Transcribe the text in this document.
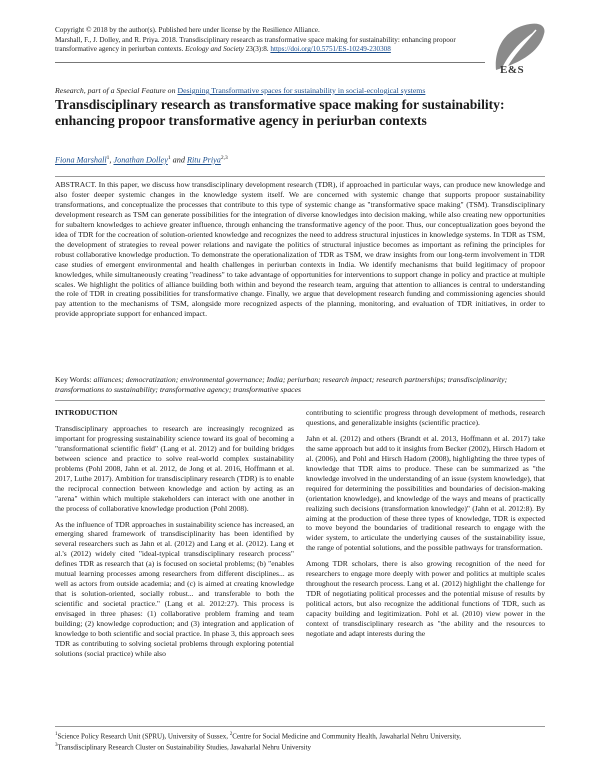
Copyright © 2018 by the author(s). Published here under license by the Resilience Alliance.
Marshall, F., J. Dolley, and R. Priya. 2018. Transdisciplinary research as transformative space making for sustainability: enhancing propoor transformative agency in periurban contexts. Ecology and Society 23(3):8. https://doi.org/10.5751/ES-10249-230308
E&S
Research, part of a Special Feature on Designing Transformative spaces for sustainability in social-ecological systems
Transdisciplinary research as transformative space making for sustainability: enhancing propoor transformative agency in periurban contexts
Fiona Marshall$^1$, Jonathan Dolley$^1$ and Ritu Priya$^{2,3}$

ABSTRACT. In this paper, we discuss how transdisciplinary development research (TDR), if approached in particular ways, can produce new knowledge and also foster deeper systemic changes in the knowledge system itself. We are concerned with systemic change that supports propoor sustainability transformations, and conceptualize the processes that contribute to this type of systemic change as "transformative space making" (TSM). Transdisciplinary development research as TSM can generate possibilities for the integration of diverse knowledges into decision making, while also creating new opportunities for subaltern knowledges to achieve greater influence, through enhancing the transformative agency of the poor. Thus, our conceptualization goes beyond the idea of TDR for the cocreation of solution-oriented knowledge and recognizes the need to address structural injustices in knowledge systems. In TDR as TSM, the development of strategies to reveal power relations and navigate the politics of structural injustice becomes as important as refining the principles for robust collaborative knowledge production. To demonstrate the operationalization of TDR as TSM, we draw insights from our long-term involvement in TDR case studies of emergent environmental and health challenges in periurban contexts in India. We identify mechanisms that build legitimacy of propoor knowledges, while simultaneously creating "readiness" to take advantage of opportunities for interventions to support change in policy and practice at multiple scales. We highlight the politics of alliance building both within and beyond the research team, arguing that attention to alliances is central to understanding the role of TDR in creating possibilities for transformative change. Finally, we argue that development research funding and commissioning agencies should pay attention to the mechanisms of TSM, alongside more recognized aspects of the planning, monitoring, and evaluation of TDR initiatives, in order to provide appropriate support for enhanced impact.

Key Words: alliances; democratization; environmental governance; India; periurban; research impact; research partnerships; transdisciplinarity; transformations to sustainability; transformative agency; transformative spaces

INTRODUCTION

Transdisciplinary approaches to research are increasingly recognized as important for progressing sustainability science toward its goal of becoming a "transformational scientific field" (Lang et al. 2012) and for building bridges between science and practice to solve real-world complex sustainability problems (Pohl 2008, Jahn et al. 2012, de Jong et al. 2016, Hoffmann et al. 2017, Luthe 2017). Ambition for transdisciplinary research (TDR) is to enable the reciprocal connection between knowledge and action by acting as an "arena" within which multiple stakeholders can interact with one another in the process of collaborative knowledge production (Pohl 2008).

As the influence of TDR approaches in sustainability science has increased, an emerging shared framework of transdisciplinarity has been identified by several researchers such as Jahn et al. (2012) and Lang et al. (2012). Lang et al.'s (2012) widely cited "ideal-typical transdisciplinary research process" defines TDR as research that (a) is focused on societal problems; (b) "enables mutual learning processes among researchers from different disciplines... as well as actors from outside academia; and (c) is aimed at creating knowledge that is solution-oriented, socially robust... and transferable to both the scientific and societal practice." (Lang et al. 2012:27). This process is envisaged in three phases: (1) collaborative problem framing and team building; (2) knowledge coproduction; and (3) integration and application of knowledge to both scientific and social practice. In phase 3, this approach sees TDR as contributing to solving societal problems through exploring potential solutions (social practice) while also

contributing to scientific progress through development of methods, research questions, and generalizable insights (scientific practice).

Jahn et al. (2012) and others (Brandt et al. 2013, Hoffmann et al. 2017) take the same approach but add to it insights from Becker (2002), Hirsch Hadorn et al. (2006), and Pohl and Hirsch Hadorn (2008), highlighting the three types of knowledge that TDR aims to produce. These can be summarized as "the knowledge involved in the understanding of an issue (system knowledge), that required for determining the possibilities and boundaries of decision-making (orientation knowledge), and knowledge of the ways and means of practically realizing such decisions (transformation knowledge)" (Jahn et al. 2012:8). By aiming at the production of these three types of knowledge, TDR is expected to move beyond the boundaries of traditional research to engage with the wider system, to articulate the underlying causes of the sustainability issue, the range of potential solutions, and the possible pathways for transformation.

Among TDR scholars, there is also growing recognition of the need for researchers to engage more deeply with power and politics at multiple scales throughout the research process. Lang et al. (2012) highlight the challenge for TDR of negotiating political processes and the potential misuse of results by political actors, but also recognize the additional functions of TDR, such as capacity building and legitimization. Pohl et al. (2010) view power in the context of transdisciplinary research as "the ability and the resources to negotiate and adapt interests during the

$^1$Science Policy Research Unit (SPRU), University of Sussex, $^2$Centre for Social Medicine and Community Health, Jawaharlal Nehru University,
$^3$Transdisciplinary Research Cluster on Sustainability Studies, Jawaharlal Nehru University
